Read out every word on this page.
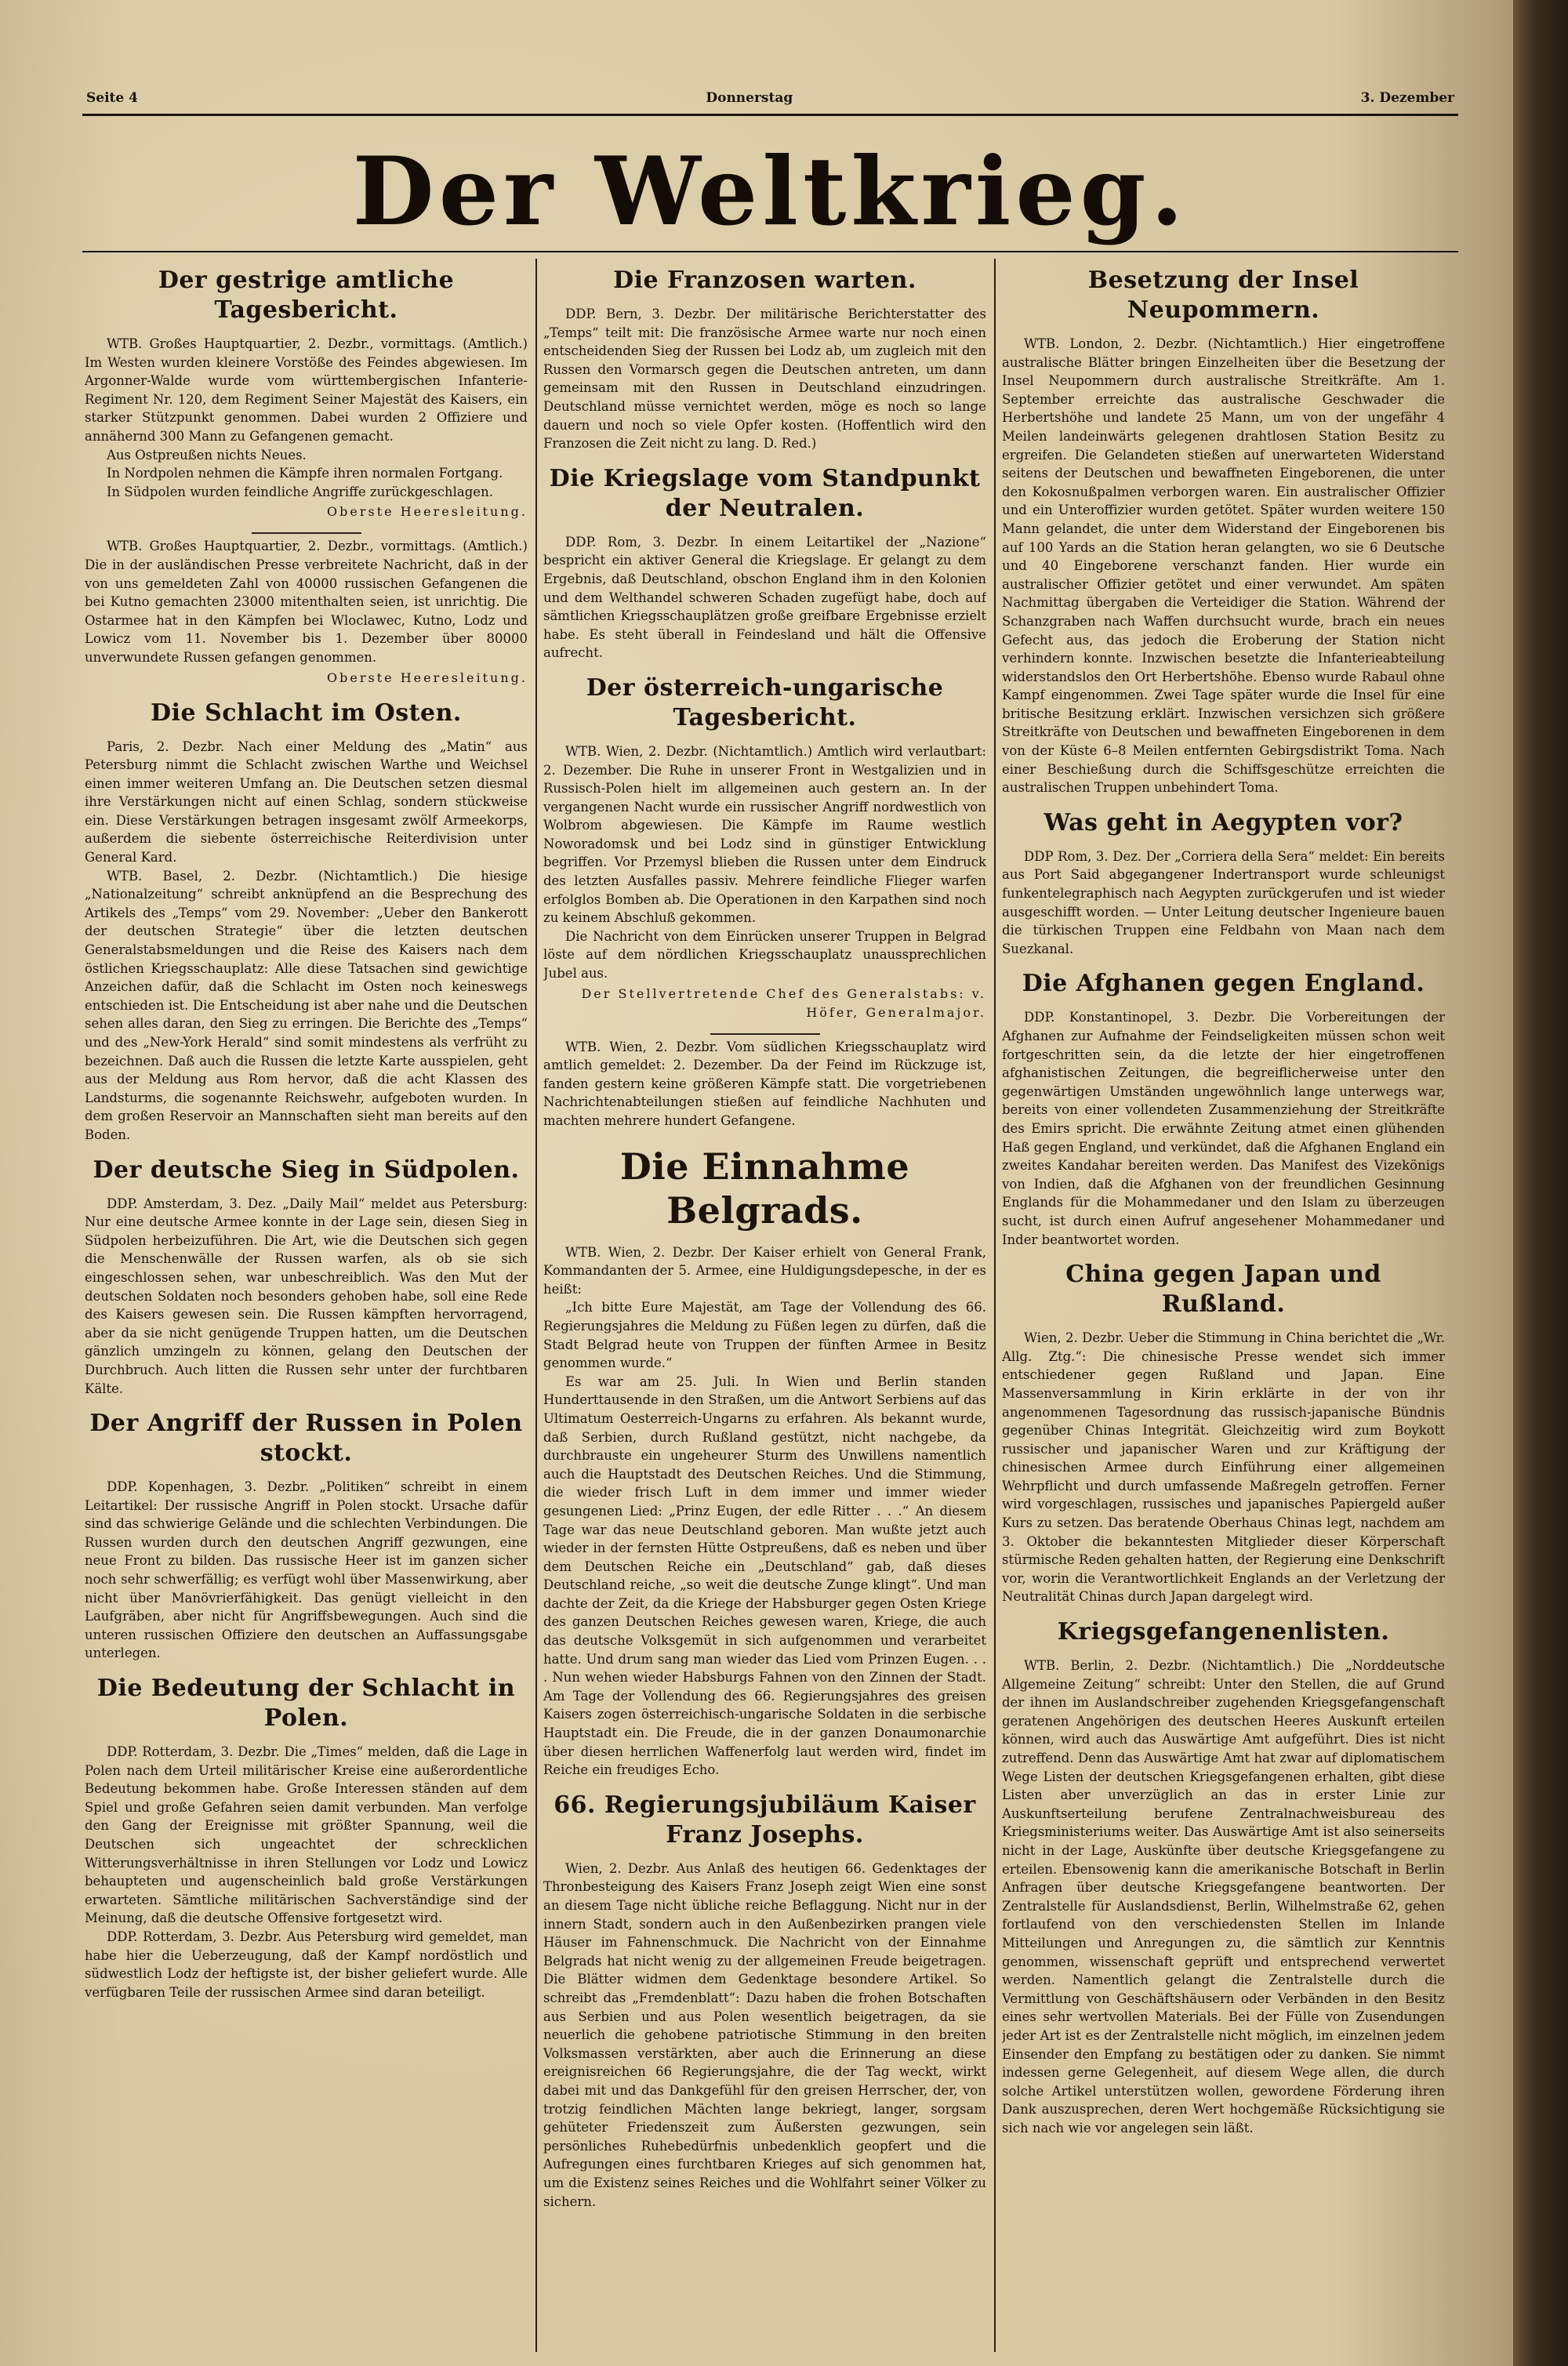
Seite 4	Donnerstag	3. Dezember
Der Weltkrieg.
Der gestrige amtliche Tagesbericht.

WTB. Großes Hauptquartier, 2. Dezbr., vormittags. (Amtlich.) Im Westen wurden kleinere Vorstöße des Feindes abgewiesen. Im Argonner-Walde wurde vom württembergischen Infanterie-Regiment Nr. 120, dem Regiment Seiner Majestät des Kaisers, ein starker Stützpunkt genommen. Dabei wurden 2 Offiziere und annähernd 300 Mann zu Gefangenen gemacht.

Aus Ostpreußen nichts Neues.

In Nordpolen nehmen die Kämpfe ihren normalen Fortgang.

In Südpolen wurden feindliche Angriffe zurückgeschlagen.

Oberste Heeresleitung.

WTB. Großes Hauptquartier, 2. Dezbr., vormittags. (Amtlich.) Die in der ausländischen Presse verbreitete Nachricht, daß in der von uns gemeldeten Zahl von 40000 russischen Gefangenen die bei Kutno gemachten 23000 mitenthalten seien, ist unrichtig. Die Ostarmee hat in den Kämpfen bei Wloclawec, Kutno, Lodz und Lowicz vom 11. November bis 1. Dezember über 80000 unverwundete Russen gefangen genommen.

Oberste Heeresleitung.
Die Schlacht im Osten.

Paris, 2. Dezbr. Nach einer Meldung des „Matin“ aus Petersburg nimmt die Schlacht zwischen Warthe und Weichsel einen immer weiteren Umfang an. Die Deutschen setzen diesmal ihre Verstärkungen nicht auf einen Schlag, sondern stückweise ein. Diese Verstärkungen betragen insgesamt zwölf Armeekorps, außerdem die siebente österreichische Reiterdivision unter General Kard.

WTB. Basel, 2. Dezbr. (Nichtamtlich.) Die hiesige „Nationalzeitung“ schreibt anknüpfend an die Besprechung des Artikels des „Temps“ vom 29. November: „Ueber den Bankerott der deutschen Strategie“ über die letzten deutschen Generalstabsmeldungen und die Reise des Kaisers nach dem östlichen Kriegsschauplatz: Alle diese Tatsachen sind gewichtige Anzeichen dafür, daß die Schlacht im Osten noch keineswegs entschieden ist. Die Entscheidung ist aber nahe und die Deutschen sehen alles daran, den Sieg zu erringen. Die Berichte des „Temps“ und des „New-York Herald“ sind somit mindestens als verfrüht zu bezeichnen. Daß auch die Russen die letzte Karte ausspielen, geht aus der Meldung aus Rom hervor, daß die acht Klassen des Landsturms, die sogenannte Reichswehr, aufgeboten wurden. In dem großen Reservoir an Mannschaften sieht man bereits auf den Boden.

Der deutsche Sieg in Südpolen.

DDP. Amsterdam, 3. Dez. „Daily Mail“ meldet aus Petersburg: Nur eine deutsche Armee konnte in der Lage sein, diesen Sieg in Südpolen herbeizuführen. Die Art, wie die Deutschen sich gegen die Menschenwälle der Russen warfen, als ob sie sich eingeschlossen sehen, war unbeschreiblich. Was den Mut der deutschen Soldaten noch besonders gehoben habe, soll eine Rede des Kaisers gewesen sein. Die Russen kämpften hervorragend, aber da sie nicht genügende Truppen hatten, um die Deutschen gänzlich umzingeln zu können, gelang den Deutschen der Durchbruch. Auch litten die Russen sehr unter der furchtbaren Kälte.

Der Angriff der Russen in Polen stockt.

DDP. Kopenhagen, 3. Dezbr. „Politiken“ schreibt in einem Leitartikel: Der russische Angriff in Polen stockt. Ursache dafür sind das schwierige Gelände und die schlechten Verbindungen. Die Russen wurden durch den deutschen Angriff gezwungen, eine neue Front zu bilden. Das russische Heer ist im ganzen sicher noch sehr schwerfällig; es verfügt wohl über Massenwirkung, aber nicht über Manövrierfähigkeit. Das genügt vielleicht in den Laufgräben, aber nicht für Angriffsbewegungen. Auch sind die unteren russischen Offiziere den deutschen an Auffassungsgabe unterlegen.

Die Bedeutung der Schlacht in Polen.

DDP. Rotterdam, 3. Dezbr. Die „Times“ melden, daß die Lage in Polen nach dem Urteil militärischer Kreise eine außerordentliche Bedeutung bekommen habe. Große Interessen ständen auf dem Spiel und große Gefahren seien damit verbunden. Man verfolge den Gang der Ereignisse mit größter Spannung, weil die Deutschen sich ungeachtet der schrecklichen Witterungsverhältnisse in ihren Stellungen vor Lodz und Lowicz behaupteten und augenscheinlich bald große Verstärkungen erwarteten. Sämtliche militärischen Sachverständige sind der Meinung, daß die deutsche Offensive fortgesetzt wird.

DDP. Rotterdam, 3. Dezbr. Aus Petersburg wird gemeldet, man habe hier die Ueberzeugung, daß der Kampf nordöstlich und südwestlich Lodz der heftigste ist, der bisher geliefert wurde. Alle verfügbaren Teile der russischen Armee sind daran beteiligt.

Die Franzosen warten.

DDP. Bern, 3. Dezbr. Der militärische Berichterstatter des „Temps“ teilt mit: Die französische Armee warte nur noch einen entscheidenden Sieg der Russen bei Lodz ab, um zugleich mit den Russen den Vormarsch gegen die Deutschen antreten, um dann gemeinsam mit den Russen in Deutschland einzudringen. Deutschland müsse vernichtet werden, möge es noch so lange dauern und noch so viele Opfer kosten. (Hoffentlich wird den Franzosen die Zeit nicht zu lang. D. Red.)

Die Kriegslage vom Standpunkt der Neutralen.

DDP. Rom, 3. Dezbr. In einem Leitartikel der „Nazione“ bespricht ein aktiver General die Kriegslage. Er gelangt zu dem Ergebnis, daß Deutschland, obschon England ihm in den Kolonien und dem Welthandel schweren Schaden zugefügt habe, doch auf sämtlichen Kriegsschauplätzen große greifbare Ergebnisse erzielt habe. Es steht überall in Feindesland und hält die Offensive aufrecht.

Der österreich-ungarische Tagesbericht.

WTB. Wien, 2. Dezbr. (Nichtamtlich.) Amtlich wird verlautbart: 2. Dezember. Die Ruhe in unserer Front in Westgalizien und in Russisch-Polen hielt im allgemeinen auch gestern an. In der vergangenen Nacht wurde ein russischer Angriff nordwestlich von Wolbrom abgewiesen. Die Kämpfe im Raume westlich Noworadomsk und bei Lodz sind in günstiger Entwicklung begriffen. Vor Przemysl blieben die Russen unter dem Eindruck des letzten Ausfalles passiv. Mehrere feindliche Flieger warfen erfolglos Bomben ab. Die Operationen in den Karpathen sind noch zu keinem Abschluß gekommen.

Die Nachricht von dem Einrücken unserer Truppen in Belgrad löste auf dem nördlichen Kriegsschauplatz unaussprechlichen Jubel aus.

Der Stellvertretende Chef des Generalstabs: v. Höfer, Generalmajor.

WTB. Wien, 2. Dezbr. Vom südlichen Kriegsschauplatz wird amtlich gemeldet: 2. Dezember. Da der Feind im Rückzuge ist, fanden gestern keine größeren Kämpfe statt. Die vorgetriebenen Nachrichtenabteilungen stießen auf feindliche Nachhuten und machten mehrere hundert Gefangene.

Die Einnahme Belgrads.

WTB. Wien, 2. Dezbr. Der Kaiser erhielt von General Frank, Kommandanten der 5. Armee, eine Huldigungsdepesche, in der es heißt:

„Ich bitte Eure Majestät, am Tage der Vollendung des 66. Regierungsjahres die Meldung zu Füßen legen zu dürfen, daß die Stadt Belgrad heute von Truppen der fünften Armee in Besitz genommen wurde.“

Es war am 25. Juli. In Wien und Berlin standen Hunderttausende in den Straßen, um die Antwort Serbiens auf das Ultimatum Oesterreich-Ungarns zu erfahren. Als bekannt wurde, daß Serbien, durch Rußland gestützt, nicht nachgebe, da durchbrauste ein ungeheurer Sturm des Unwillens namentlich auch die Hauptstadt des Deutschen Reiches. Und die Stimmung, die wieder frisch Luft in dem immer und immer wieder gesungenen Lied: „Prinz Eugen, der edle Ritter . . .“ An diesem Tage war das neue Deutschland geboren. Man wußte jetzt auch wieder in der fernsten Hütte Ostpreußens, daß es neben und über dem Deutschen Reiche ein „Deutschland“ gab, daß dieses Deutschland reiche, „so weit die deutsche Zunge klingt“. Und man dachte der Zeit, da die Kriege der Habsburger gegen Osten Kriege des ganzen Deutschen Reiches gewesen waren, Kriege, die auch das deutsche Volksgemüt in sich aufgenommen und verarbeitet hatte. Und drum sang man wieder das Lied vom Prinzen Eugen. . . . Nun wehen wieder Habsburgs Fahnen von den Zinnen der Stadt. Am Tage der Vollendung des 66. Regierungsjahres des greisen Kaisers zogen österreichisch-ungarische Soldaten in die serbische Hauptstadt ein. Die Freude, die in der ganzen Donaumonarchie über diesen herrlichen Waffenerfolg laut werden wird, findet im Reiche ein freudiges Echo.

66. Regierungsjubiläum Kaiser Franz Josephs.

Wien, 2. Dezbr. Aus Anlaß des heutigen 66. Gedenktages der Thronbesteigung des Kaisers Franz Joseph zeigt Wien eine sonst an diesem Tage nicht übliche reiche Beflaggung. Nicht nur in der innern Stadt, sondern auch in den Außenbezirken prangen viele Häuser im Fahnenschmuck. Die Nachricht von der Einnahme Belgrads hat nicht wenig zu der allgemeinen Freude beigetragen. Die Blätter widmen dem Gedenktage besondere Artikel. So schreibt das „Fremdenblatt“: Dazu haben die frohen Botschaften aus Serbien und aus Polen wesentlich beigetragen, da sie neuerlich die gehobene patriotische Stimmung in den breiten Volksmassen verstärkten, aber auch die Erinnerung an diese ereignisreichen 66 Regierungsjahre, die der Tag weckt, wirkt dabei mit und das Dankgefühl für den greisen Herrscher, der, von trotzig feindlichen Mächten lange bekriegt, langer, sorgsam gehüteter Friedenszeit zum Äußersten gezwungen, sein persönliches Ruhebedürfnis unbedenklich geopfert und die Aufregungen eines furchtbaren Krieges auf sich genommen hat, um die Existenz seines Reiches und die Wohlfahrt seiner Völker zu sichern.

Besetzung der Insel Neupommern.

WTB. London, 2. Dezbr. (Nichtamtlich.) Hier eingetroffene australische Blätter bringen Einzelheiten über die Besetzung der Insel Neupommern durch australische Streitkräfte. Am 1. September erreichte das australische Geschwader die Herbertshöhe und landete 25 Mann, um von der ungefähr 4 Meilen landeinwärts gelegenen drahtlosen Station Besitz zu ergreifen. Die Gelandeten stießen auf unerwarteten Widerstand seitens der Deutschen und bewaffneten Eingeborenen, die unter den Kokosnußpalmen verborgen waren. Ein australischer Offizier und ein Unteroffizier wurden getötet. Später wurden weitere 150 Mann gelandet, die unter dem Widerstand der Eingeborenen bis auf 100 Yards an die Station heran gelangten, wo sie 6 Deutsche und 40 Eingeborene verschanzt fanden. Hier wurde ein australischer Offizier getötet und einer verwundet. Am späten Nachmittag übergaben die Verteidiger die Station. Während der Schanzgraben nach Waffen durchsucht wurde, brach ein neues Gefecht aus, das jedoch die Eroberung der Station nicht verhindern konnte. Inzwischen besetzte die Infanterieabteilung widerstandslos den Ort Herbertshöhe. Ebenso wurde Rabaul ohne Kampf eingenommen. Zwei Tage später wurde die Insel für eine britische Besitzung erklärt. Inzwischen versichzen sich größere Streitkräfte von Deutschen und bewaffneten Eingeborenen in dem von der Küste 6–8 Meilen entfernten Gebirgsdistrikt Toma. Nach einer Beschießung durch die Schiffsgeschütze erreichten die australischen Truppen unbehindert Toma.

Was geht in Aegypten vor?

DDP Rom, 3. Dez. Der „Corriera della Sera“ meldet: Ein bereits aus Port Said abgegangener Indertransport wurde schleunigst funkentelegraphisch nach Aegypten zurückgerufen und ist wieder ausgeschifft worden. — Unter Leitung deutscher Ingenieure bauen die türkischen Truppen eine Feldbahn von Maan nach dem Suezkanal.

Die Afghanen gegen England.

DDP. Konstantinopel, 3. Dezbr. Die Vorbereitungen der Afghanen zur Aufnahme der Feindseligkeiten müssen schon weit fortgeschritten sein, da die letzte der hier eingetroffenen afghanistischen Zeitungen, die begreiflicherweise unter den gegenwärtigen Umständen ungewöhnlich lange unterwegs war, bereits von einer vollendeten Zusammenziehung der Streitkräfte des Emirs spricht. Die erwähnte Zeitung atmet einen glühenden Haß gegen England, und verkündet, daß die Afghanen England ein zweites Kandahar bereiten werden. Das Manifest des Vizekönigs von Indien, daß die Afghanen von der freundlichen Gesinnung Englands für die Mohammedaner und den Islam zu überzeugen sucht, ist durch einen Aufruf angesehener Mohammedaner und Inder beantwortet worden.

China gegen Japan und Rußland.

Wien, 2. Dezbr. Ueber die Stimmung in China berichtet die „Wr. Allg. Ztg.“: Die chinesische Presse wendet sich immer entschiedener gegen Rußland und Japan. Eine Massenversammlung in Kirin erklärte in der von ihr angenommenen Tagesordnung das russisch-japanische Bündnis gegenüber Chinas Integrität. Gleichzeitig wird zum Boykott russischer und japanischer Waren und zur Kräftigung der chinesischen Armee durch Einführung einer allgemeinen Wehrpflicht und durch umfassende Maßregeln getroffen. Ferner wird vorgeschlagen, russisches und japanisches Papiergeld außer Kurs zu setzen. Das beratende Oberhaus Chinas legt, nachdem am 3. Oktober die bekanntesten Mitglieder dieser Körperschaft stürmische Reden gehalten hatten, der Regierung eine Denkschrift vor, worin die Verantwortlichkeit Englands an der Verletzung der Neutralität Chinas durch Japan dargelegt wird.

Kriegsgefangenenlisten.

WTB. Berlin, 2. Dezbr. (Nichtamtlich.) Die „Norddeutsche Allgemeine Zeitung“ schreibt: Unter den Stellen, die auf Grund der ihnen im Auslandschreiber zugehenden Kriegsgefangenschaft geratenen Angehörigen des deutschen Heeres Auskunft erteilen können, wird auch das Auswärtige Amt aufgeführt. Dies ist nicht zutreffend. Denn das Auswärtige Amt hat zwar auf diplomatischem Wege Listen der deutschen Kriegsgefangenen erhalten, gibt diese Listen aber unverzüglich an das in erster Linie zur Auskunftserteilung berufene Zentralnachweisbureau des Kriegsministeriums weiter. Das Auswärtige Amt ist also seinerseits nicht in der Lage, Auskünfte über deutsche Kriegsgefangene zu erteilen. Ebensowenig kann die amerikanische Botschaft in Berlin Anfragen über deutsche Kriegsgefangene beantworten. Der Zentralstelle für Auslandsdienst, Berlin, Wilhelmstraße 62, gehen fortlaufend von den verschiedensten Stellen im Inlande Mitteilungen und Anregungen zu, die sämtlich zur Kenntnis genommen, wissenschaft geprüft und entsprechend verwertet werden. Namentlich gelangt die Zentralstelle durch die Vermittlung von Geschäftshäusern oder Verbänden in den Besitz eines sehr wertvollen Materials. Bei der Fülle von Zusendungen jeder Art ist es der Zentralstelle nicht möglich, im einzelnen jedem Einsender den Empfang zu bestätigen oder zu danken. Sie nimmt indessen gerne Gelegenheit, auf diesem Wege allen, die durch solche Artikel unterstützen wollen, gewordene Förderung ihren Dank auszusprechen, deren Wert hochgemäße Rücksichtigung sie sich nach wie vor angelegen sein läßt.
